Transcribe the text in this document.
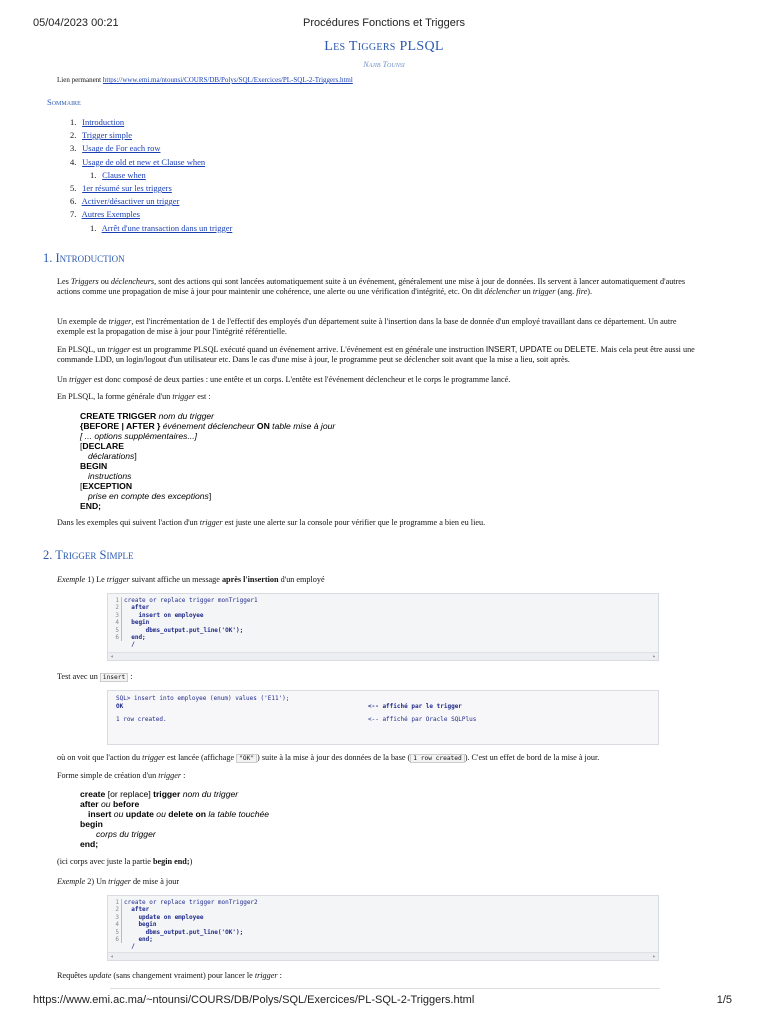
05/04/2023 00:21	Procédures Fonctions et Triggers
Les Tiggers PLSQL
Najib Tounsi
Lien permanent https://www.emi.ma/ntounsi/COURS/DB/Polys/SQL/Exercices/PL-SQL-2-Triggers.html
Sommaire
1. Introduction
2. Trigger simple
3. Usage de For each row
4. Usage de old et new et Clause when
1. Clause when
5. 1er résumé sur les triggers
6. Activer/désactiver un trigger
7. Autres Exemples
1. Arrêt d'une transaction dans un trigger
1. Introduction
Les Triggers ou déclencheurs, sont des actions qui sont lancées automatiquement suite à un événement, généralement une mise à jour de données. Ils servent à lancer automatiquement d'autres actions comme une propagation de mise à jour pour maintenir une cohérence, une alerte ou une vérification d'intégrité, etc. On dit déclencher un trigger (ang. fire).
Un exemple de trigger, est l'incrémentation de 1 de l'effectif des employés d'un département suite à l'insertion dans la base de donnée d'un employé travaillant dans ce département. Un autre exemple est la propagation de mise à jour pour l'intégrité référentielle.
En PLSQL, un trigger est un programme PLSQL exécuté quand un événement arrive. L'événement est en générale une instruction INSERT, UPDATE ou DELETE. Mais cela peut être aussi une commande LDD, un login/logout d'un utilisateur etc. Dans le cas d'une mise à jour, le programme peut se déclencher soit avant que la mise a lieu, soit après.
Un trigger est donc composé de deux parties : une entête et un corps. L'entête est l'événement déclencheur et le corps le programme lancé.
En PLSQL, la forme générale d'un trigger est :
CREATE TRIGGER nom du trigger
{BEFORE | AFTER } événement déclencheur ON table mise à jour
[ ... options supplémentaires...]
[DECLARE
déclarations]
BEGIN
instructions
[EXCEPTION
prise en compte des exceptions]
END;
Dans les exemples qui suivent l'action d'un trigger est juste une alerte sur la console pour vérifier que le programme a bien eu lieu.
2. Trigger Simple
Exemple 1) Le trigger suivant affiche un message après l'insertion d'un employé
1
2
3
4
5
6
create or replace trigger monTrigger1
after
insert on employee
begin
dbms_output.put_line('OK');
end;
/
◂	▸
Test avec un insert :
SQL> insert into employee (enum) values ('E11');
OK	<-- affiché par le trigger
1 row created.	<-- affiché par Oracle SQLPlus
où on voit que l'action du trigger est lancée (affichage "OK" ) suite à la mise à jour des données de la base ( 1 row created ). C'est un effet de bord de la mise à jour.
Forme simple de création d'un trigger :
create [or replace] trigger nom du trigger
after ou before
insert ou update ou delete on la table touchée
begin
corps du trigger
end;
(ici corps avec juste la partie begin end;)
Exemple 2) Un trigger de mise à jour
1
2
3
4
5
6
create or replace trigger monTrigger2
after
update on employee
begin
dbms_output.put_line('OK');
end;
/
◂	▸
Requêtes update (sans changement vraiment) pour lancer le trigger :
https://www.emi.ac.ma/~ntounsi/COURS/DB/Polys/SQL/Exercices/PL-SQL-2-Triggers.html	1/5
